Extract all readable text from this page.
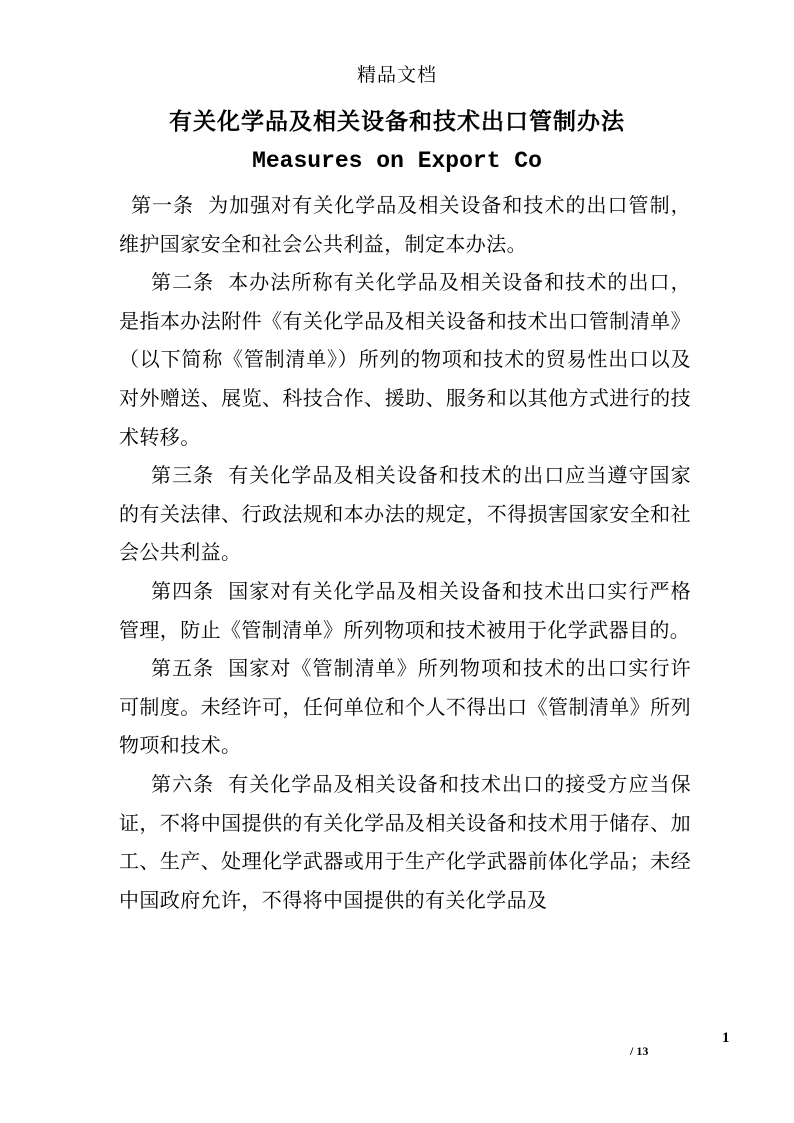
精品文档
有关化学品及相关设备和技术出口管制办法
Measures on Export Co

第一条 为加强对有关化学品及相关设备和技术的出口管制，维护国家安全和社会公共利益，制定本办法。

第二条 本办法所称有关化学品及相关设备和技术的出口，是指本办法附件《有关化学品及相关设备和技术出口管制清单》（以下简称《管制清单》）所列的物项和技术的贸易性出口以及对外赠送、展览、科技合作、援助、服务和以其他方式进行的技术转移。

第三条 有关化学品及相关设备和技术的出口应当遵守国家的有关法律、行政法规和本办法的规定，不得损害国家安全和社会公共利益。

第四条 国家对有关化学品及相关设备和技术出口实行严格管理，防止《管制清单》所列物项和技术被用于化学武器目的。

第五条 国家对《管制清单》所列物项和技术的出口实行许可制度。未经许可，任何单位和个人不得出口《管制清单》所列物项和技术。

第六条 有关化学品及相关设备和技术出口的接受方应当保证，不将中国提供的有关化学品及相关设备和技术用于储存、加工、生产、处理化学武器或用于生产化学武器前体化学品；未经中国政府允许，不得将中国提供的有关化学品及

1
/ 13
